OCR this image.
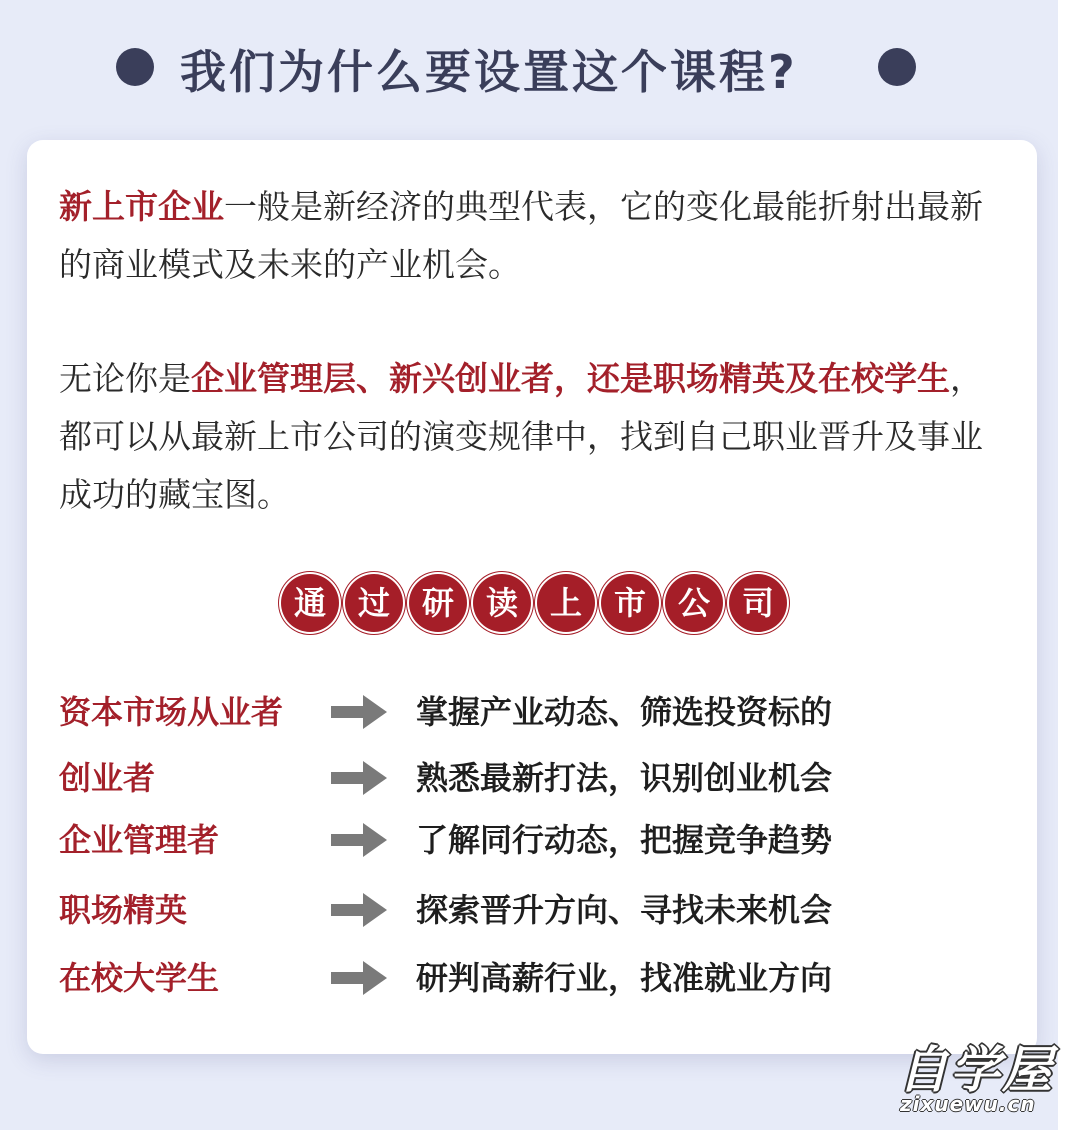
我们为什么要设置这个课程?
新上市企业一般是新经济的典型代表，它的变化最能折射出最新的商业模式及未来的产业机会。
无论你是企业管理层、新兴创业者，还是职场精英及在校学生，都可以从最新上市公司的演变规律中，找到自己职业晋升及事业成功的藏宝图。
通 过 研 读 上 市 公 司
资本市场从业者	掌握产业动态、筛选投资标的
创业者	熟悉最新打法，识别创业机会
企业管理者	了解同行动态，把握竞争趋势
职场精英	探索晋升方向、寻找未来机会
在校大学生	研判高薪行业，找准就业方向
自学屋
zixuewu.cn
